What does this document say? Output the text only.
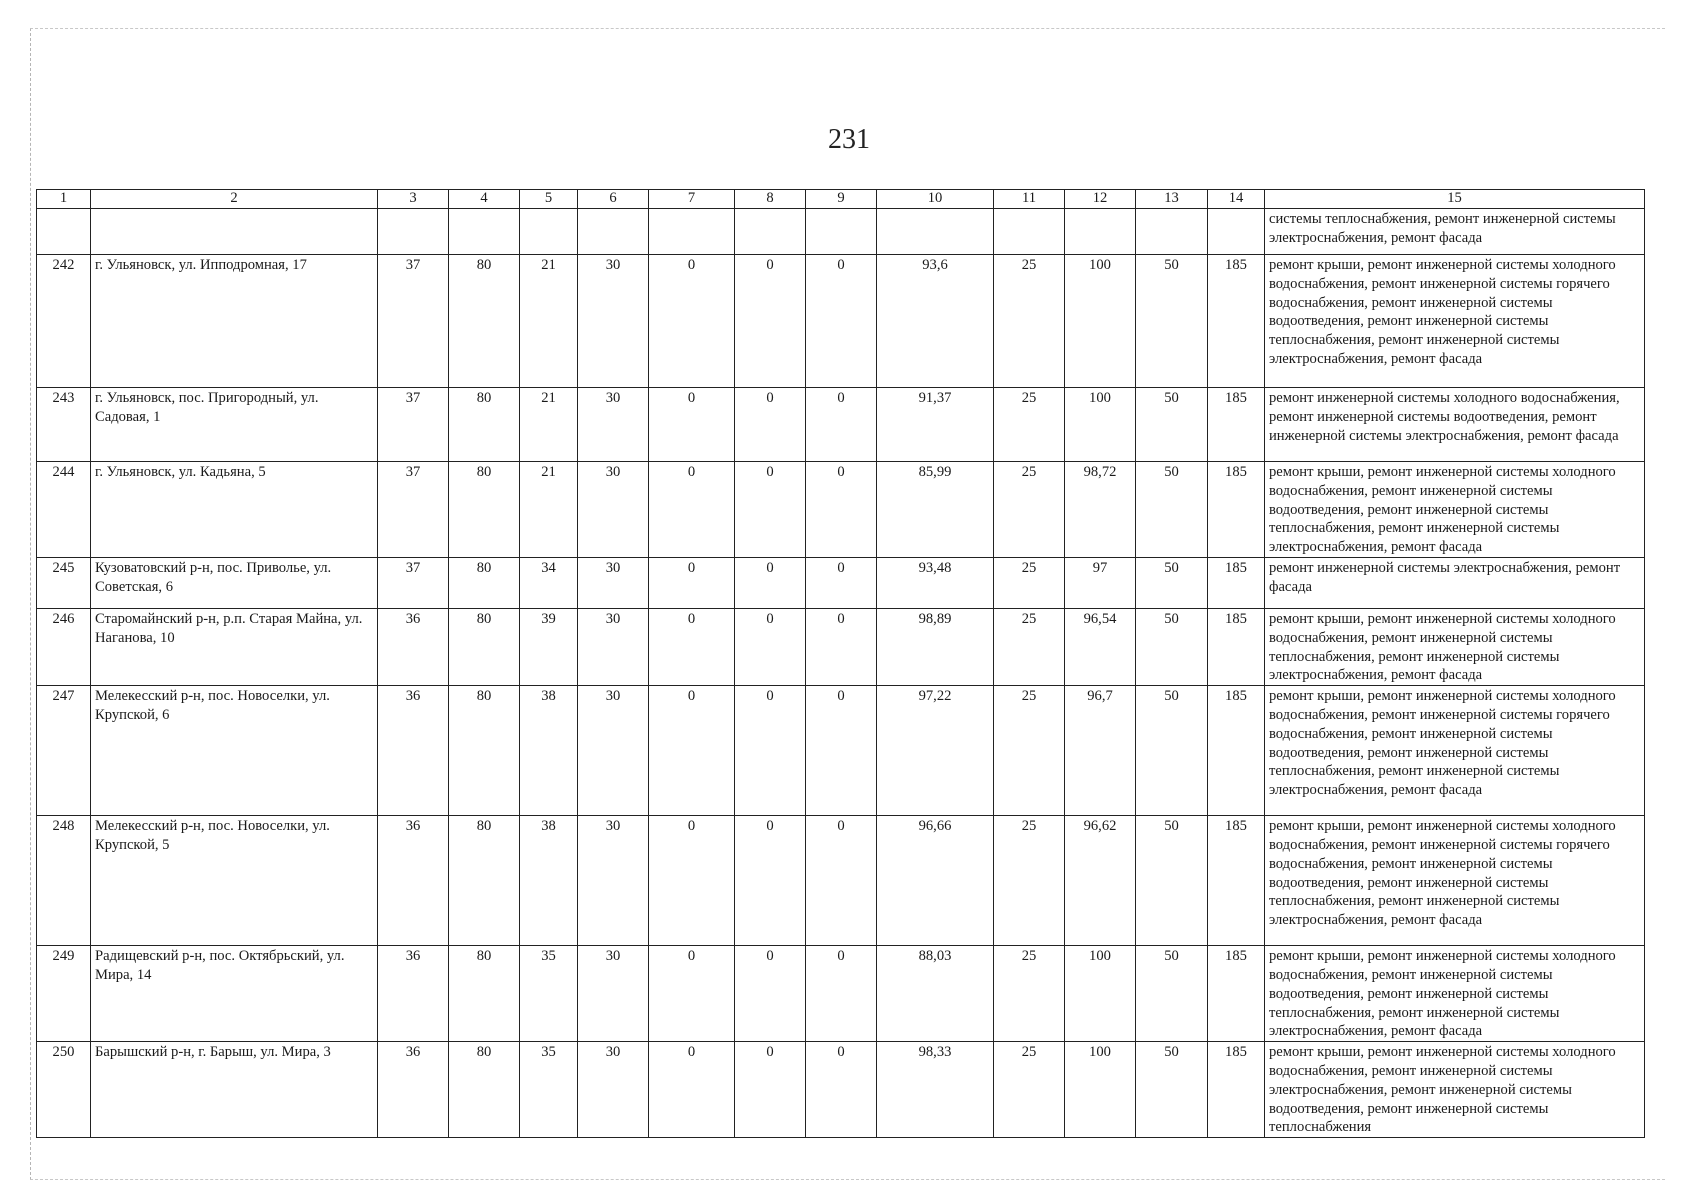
231
1	2	3	4	5	6	7	8	9	10	11	12	13	14	15
														системы теплоснабжения, ремонт инженерной системы электроснабжения, ремонт фасада
242	г. Ульяновск, ул. Ипподромная, 17	37	80	21	30	0	0	0	93,6	25	100	50	185	ремонт крыши, ремонт инженерной системы холодного водоснабжения, ремонт инженерной системы горячего водоснабжения, ремонт инженерной системы водоотведения, ремонт инженерной системы теплоснабжения, ремонт инженерной системы электроснабжения, ремонт фасада
243	г. Ульяновск, пос. Пригородный, ул. Садовая, 1	37	80	21	30	0	0	0	91,37	25	100	50	185	ремонт инженерной системы холодного водоснабжения, ремонт инженерной системы водоотведения, ремонт инженерной системы электроснабжения, ремонт фасада
244	г. Ульяновск, ул. Кадьяна, 5	37	80	21	30	0	0	0	85,99	25	98,72	50	185	ремонт крыши, ремонт инженерной системы холодного водоснабжения, ремонт инженерной системы водоотведения, ремонт инженерной системы теплоснабжения, ремонт инженерной системы электроснабжения, ремонт фасада
245	Кузоватовский р-н, пос. Приволье, ул. Советская, 6	37	80	34	30	0	0	0	93,48	25	97	50	185	ремонт инженерной системы электроснабжения, ремонт фасада
246	Старомайнский р-н, р.п. Старая Майна, ул. Наганова, 10	36	80	39	30	0	0	0	98,89	25	96,54	50	185	ремонт крыши, ремонт инженерной системы холодного водоснабжения, ремонт инженерной системы теплоснабжения, ремонт инженерной системы электроснабжения, ремонт фасада
247	Мелекесский р-н, пос. Новоселки, ул. Крупской, 6	36	80	38	30	0	0	0	97,22	25	96,7	50	185	ремонт крыши, ремонт инженерной системы холодного водоснабжения, ремонт инженерной системы горячего водоснабжения, ремонт инженерной системы водоотведения, ремонт инженерной системы теплоснабжения, ремонт инженерной системы электроснабжения, ремонт фасада
248	Мелекесский р-н, пос. Новоселки, ул. Крупской, 5	36	80	38	30	0	0	0	96,66	25	96,62	50	185	ремонт крыши, ремонт инженерной системы холодного водоснабжения, ремонт инженерной системы горячего водоснабжения, ремонт инженерной системы водоотведения, ремонт инженерной системы теплоснабжения, ремонт инженерной системы электроснабжения, ремонт фасада
249	Радищевский р-н, пос. Октябрьский, ул. Мира, 14	36	80	35	30	0	0	0	88,03	25	100	50	185	ремонт крыши, ремонт инженерной системы холодного водоснабжения, ремонт инженерной системы водоотведения, ремонт инженерной системы теплоснабжения, ремонт инженерной системы электроснабжения, ремонт фасада
250	Барышский р-н, г. Барыш, ул. Мира, 3	36	80	35	30	0	0	0	98,33	25	100	50	185	ремонт крыши, ремонт инженерной системы холодного водоснабжения, ремонт инженерной системы электроснабжения, ремонт инженерной системы водоотведения, ремонт инженерной системы теплоснабжения
